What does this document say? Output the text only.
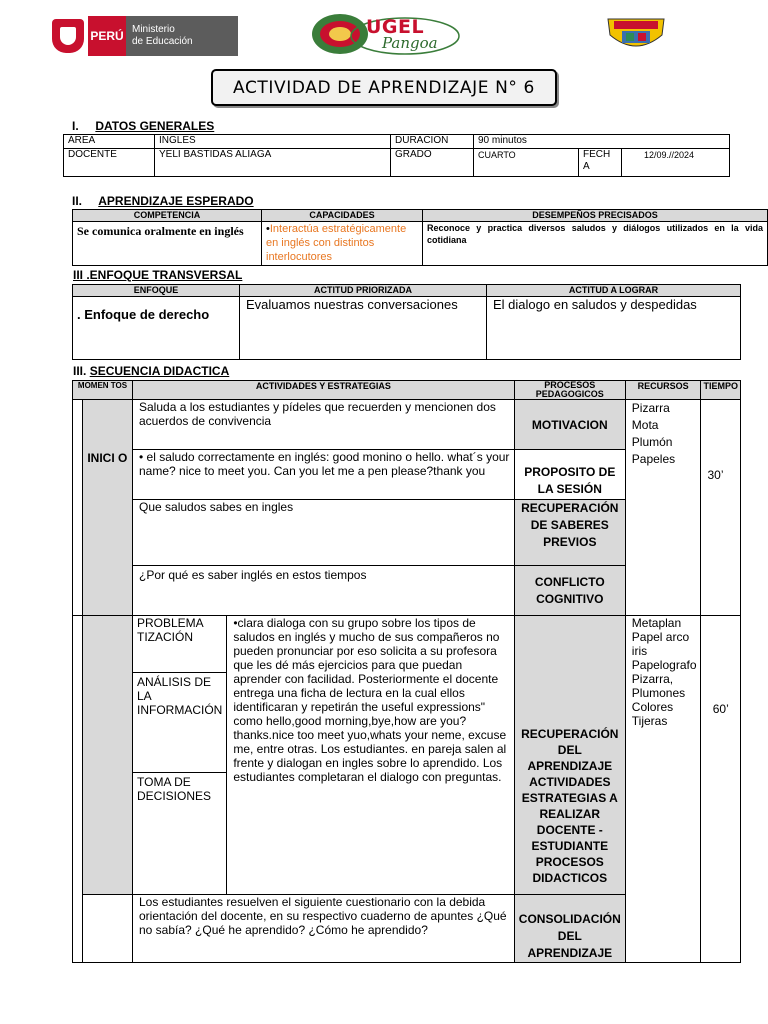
PERÚ Ministerio
de Educación
UGEL
Pangoa
ACTIVIDAD DE APRENDIZAJE N° 6
I. DATOS GENERALES
ÁREA	INGLES	DURACION	90 minutos		
DOCENTE	YELI BASTIDAS ALIAGA	GRADO	CUARTO	FECH A	12/09.//2024
II. APRENDIZAJE ESPERADO
COMPETENCIA	CAPACIDADES	DESEMPEÑOS PRECISADOS
Se comunica oralmente en inglés	•Interactúa estratégicamente en inglés con distintos interlocutores	Reconoce y practica diversos saludos y diálogos utilizados en la vida cotidiana
III .ENFOQUE TRANSVERSAL
ENFOQUE	ACTITUD PRIORIZADA	ACTITUD A LOGRAR
. Enfoque de derecho	Evaluamos nuestras conversaciones	El dialogo en saludos y despedidas
III. SECUENCIA DIDACTICA
MOMEN TOS		ACTIVIDADES Y ESTRATEGIAS		PROCESOS PEDAGOGICOS	RECURSOS	TIEMPO
	INICI O	Saluda a los estudiantes y pídeles que recuerden y mencionen dos acuerdos de convivencia		MOTIVACION	Pizarra
Mota
Plumón
Papeles	30’
		• el saludo correctamente en inglés: good monino o hello. what´s your name? nice to meet you. Can you let me a pen please?thank you		PROPOSITO DE LA SESIÓN		
		Que saludos sabes en ingles		RECUPERACIÓN DE SABERES PREVIOS		
		¿Por qué es saber inglés en estos tiempos		CONFLICTO COGNITIVO		

	PROBLEMA TIZACIÓN	•clara dialoga con su grupo sobre los tipos de saludos en inglés y mucho de sus compañeros no pueden pronunciar por eso solicita a su profesora que les dé más ejercicios para que puedan aprender con facilidad. Posteriormente el docente entrega una ficha de lectura en la cual ellos identificaran y repetirán the useful expressions" como hello,good morning,bye,how are you?thanks.nice too meet yuo,whats your neme, excuse me, entre otras. Los estudiantes. en pareja salen al frente y dialogan en ingles sobre lo aprendido. Los estudiantes completaran el dialogo con preguntas.	RECUPERACIÓN DEL APRENDIZAJE ACTIVIDADES ESTRATEGIAS A REALIZAR DOCENTE - ESTUDIANTE PROCESOS DIDACTICOS	Metaplan Papel arco iris Papelografo Pizarra, Plumones Colores Tijeras	60’
		ANÁLISIS DE LA INFORMACIÓN				
		TOMA DE DECISIONES				
		Los estudiantes resuelven el siguiente cuestionario con la debida orientación del docente, en su respectivo cuaderno de apuntes ¿Qué no sabía? ¿Qué he aprendido? ¿Cómo he aprendido?		CONSOLIDACIÓN DEL APRENDIZAJE		
